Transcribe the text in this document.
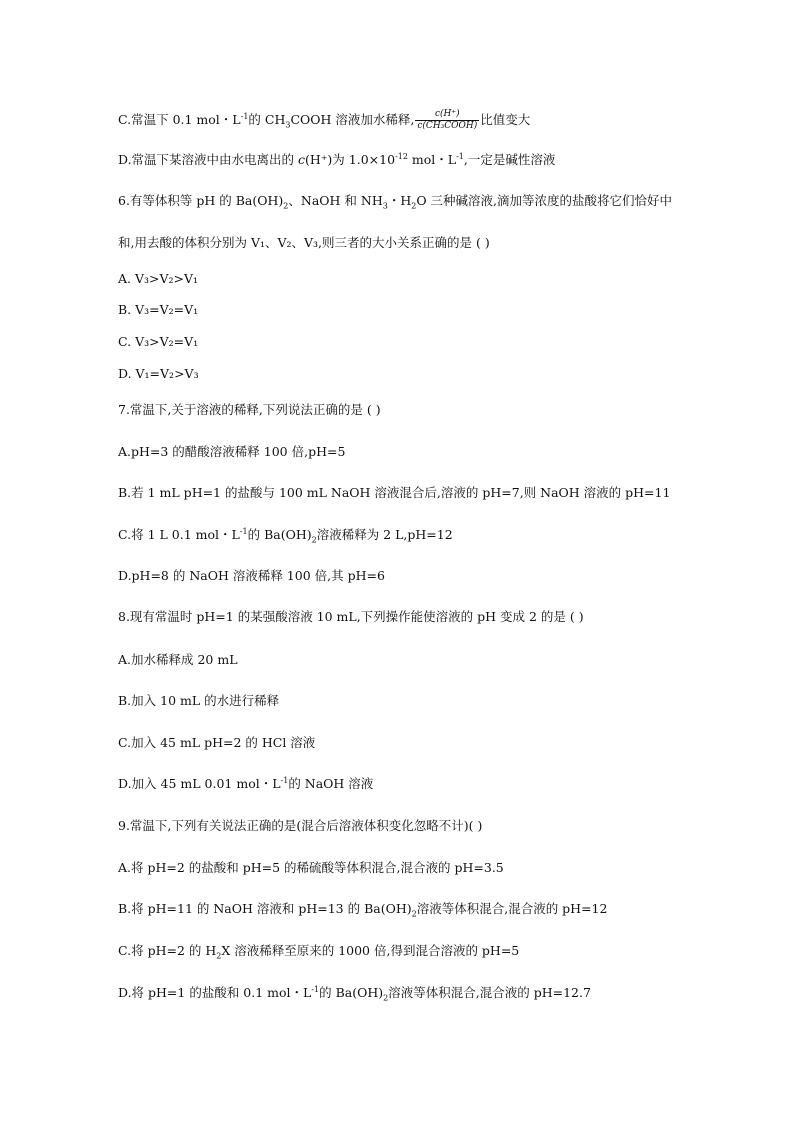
C.常温下 0.1 mol・$L^{-1}$的 $CH_3COOH$ 溶液加水稀释, $\frac{c(H^+)}{\text{c(CH₃COOH)}}$ 比值变大
D.常温下某溶液中由水电离出的 c(H⁺)为 $1.0\times 10^{-12}$ mol・$L^{-1}$,一定是碱性溶液
6.有等体积等 pH 的 $Ba(OH)_2$、NaOH 和 $NH_3$・$H_2O$ 三种碱溶液,滴加等浓度的盐酸将它们恰好中
和,用去酸的体积分别为 V₁、V₂、V₃,则三者的大小关系正确的是 ( )
A. V₃>V₂>V₁
B. V₃=V₂=V₁
C. V₃>V₂=V₁
D. V₁=V₂>V₃
7.常温下,关于溶液的稀释,下列说法正确的是 ( )
A.pH=3 的醋酸溶液稀释 100 倍,pH=5
B.若 1 mL pH=1 的盐酸与 100 mL NaOH 溶液混合后,溶液的 pH=7,则 NaOH 溶液的 pH=11
C.将 1 L 0.1 mol・$L^{-1}$的 $Ba(OH)_2$溶液稀释为 2 L,pH=12
D.pH=8 的 NaOH 溶液稀释 100 倍,其 pH=6
8.现有常温时 pH=1 的某强酸溶液 10 mL,下列操作能使溶液的 pH 变成 2 的是 ( )
A.加水稀释成 20 mL
B.加入 10 mL 的水进行稀释
C.加入 45 mL pH=2 的 HCl 溶液
D.加入 45 mL 0.01 mol・$L^{-1}$的 NaOH 溶液
9.常温下,下列有关说法正确的是(混合后溶液体积变化忽略不计)( )
A.将 pH=2 的盐酸和 pH=5 的稀硫酸等体积混合,混合液的 pH=3.5
B.将 pH=11 的 NaOH 溶液和 pH=13 的 $Ba(OH)_2$溶液等体积混合,混合液的 pH=12
C.将 pH=2 的 $H_2X$ 溶液稀释至原来的 1000 倍,得到混合溶液的 pH=5
D.将 pH=1 的盐酸和 0.1 mol・$L^{-1}$的 $Ba(OH)_2$溶液等体积混合,混合液的 pH=12.7
